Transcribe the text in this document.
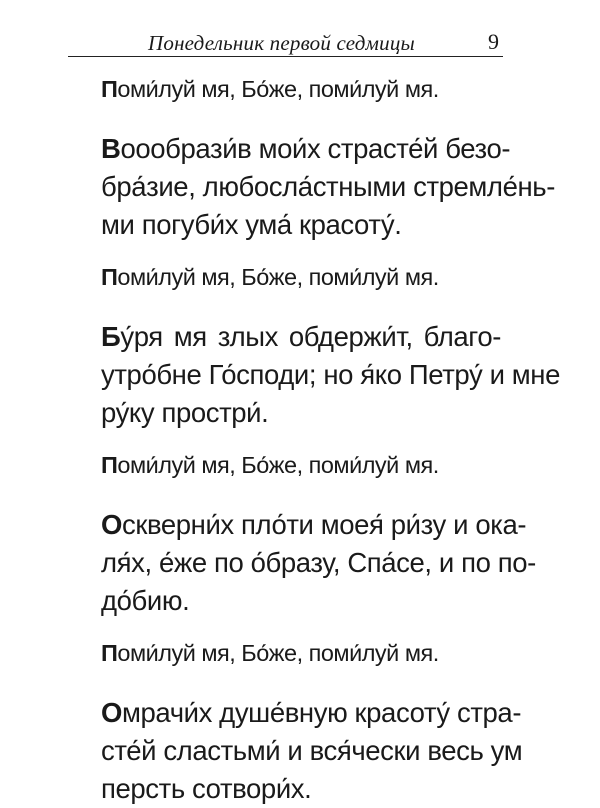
Понедельник первой седмицы	9

Поми́луй мя, Бо́же, поми́луй мя.

Воообрази́в мои́х страсте́й безо-
бра́зие, любосла́стными стремле́нь-
ми погуби́х ума́ красоту́.

Поми́луй мя, Бо́же, поми́луй мя.

Бу́ря мя злых обдержи́т, благо-
утро́бне Го́споди; но я́ко Петру́ и мне
ру́ку простри́.

Поми́луй мя, Бо́же, поми́луй мя.

Оскверни́х пло́ти моея́ ри́зу и ока-
ля́х, е́же по о́бразу, Спа́се, и по по-
до́бию.

Поми́луй мя, Бо́же, поми́луй мя.

Омрачи́х душе́вную красоту́ стра-
сте́й сластьми́ и вся́чески весь ум
персть сотвори́х.
